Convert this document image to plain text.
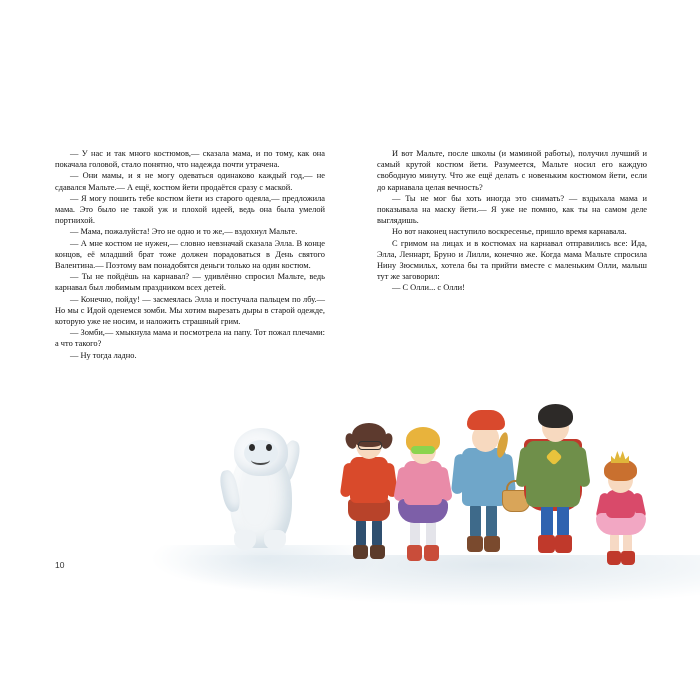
— У нас и так много костюмов,— сказала мама, и по тому, как она покачала головой, стало понятно, что надежда почти утрачена.

— Они мамы, и я не могу одеваться одинаково каждый год,— не сдавался Мальте.— А ещё, костюм йети продаётся сразу с маской.

— Я могу пошить тебе костюм йети из старого одеяла,— предложила мама. Это было не такой уж и плохой идеей, ведь она была умелой портнихой.

— Мама, пожалуйста! Это не одно и то же,— вздохнул Мальте.

— А мне костюм не нужен,— словно невзначай сказала Элла. В конце концов, её младший брат тоже должен порадоваться в День святого Валентина.— Поэтому вам понадобятся деньги только на один костюм.

— Ты не пойдёшь на карнавал? — удивлённо спросил Мальте, ведь карнавал был любимым праздником всех детей.

— Конечно, пойду! — засмеялась Элла и постучала пальцем по лбу.— Но мы с Идой оденемся зомби. Мы хотим вырезать дыры в старой одежде, которую уже не носим, и наложить страшный грим.

— Зомби,— хмыкнула мама и посмотрела на папу. Тот пожал плечами: а что такого?

— Ну тогда ладно.

И вот Мальте, после школы (и маминой работы), получил лучший и самый крутой костюм йети. Разумеется, Мальте носил его каждую свободную минуту. Что же ещё делать с новеньким костюмом йети, если до карнавала целая вечность?

— Ты не мог бы хоть иногда это снимать? — вздыхала мама и показывала на маску йети.— Я уже не помню, как ты на самом деле выглядишь.

Но вот наконец наступило воскресенье, пришло время карнавала.

С гримом на лицах и в костюмах на карнавал отправились все: Ида, Элла, Леннарт, Бруно и Лилли, конечно же. Когда мама Мальте спросила Нину Зюсмильх, хотела бы та прийти вместе с маленьким Олли, малыш тут же заговорил:

— С Олли... с Олли!

10
